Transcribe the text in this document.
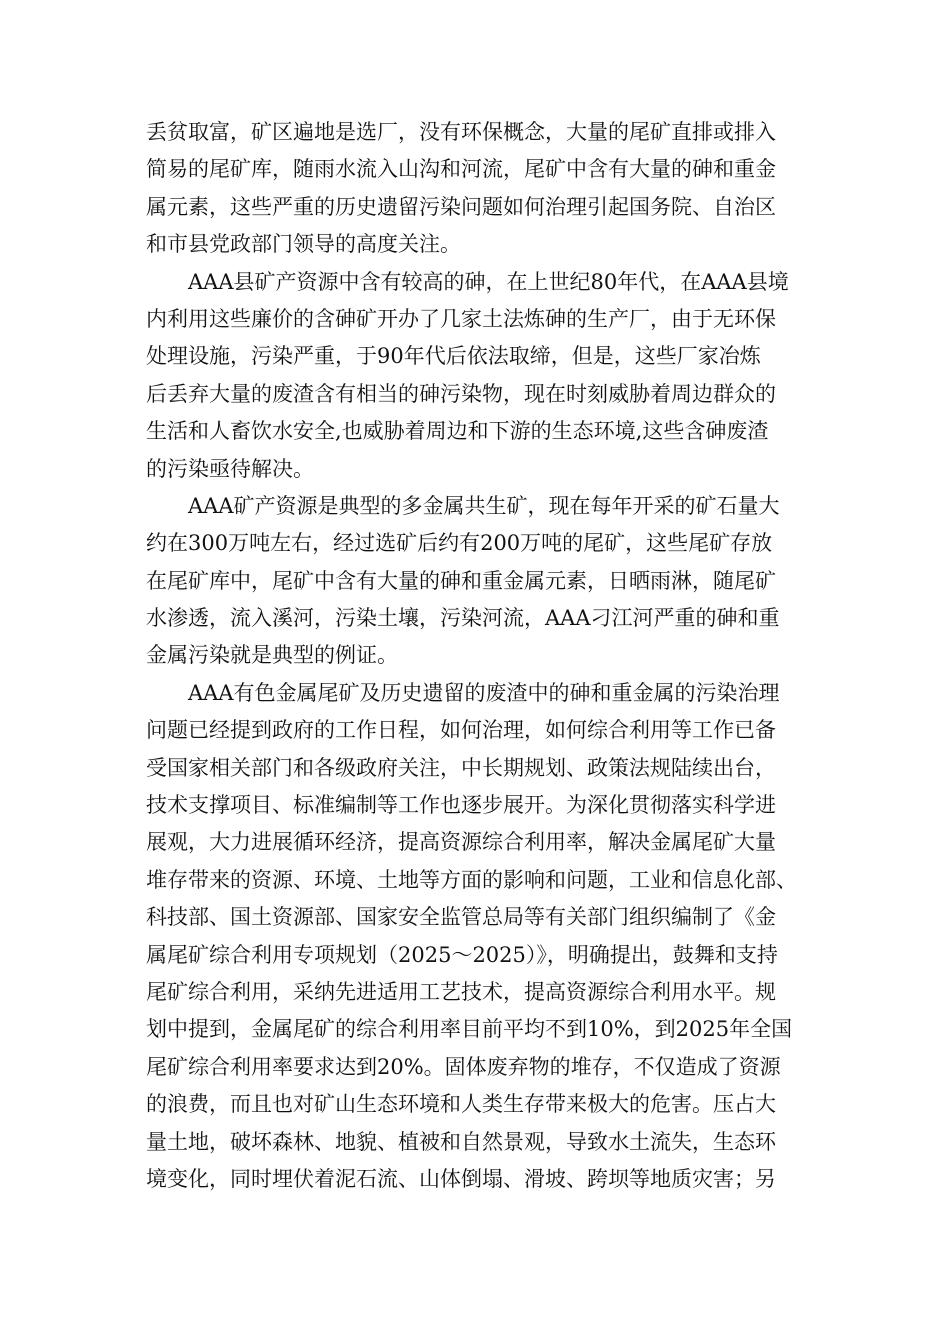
丢贫取富，矿区遍地是选厂，没有环保概念，大量的尾矿直排或排入
简易的尾矿库，随雨水流入山沟和河流，尾矿中含有大量的砷和重金
属元素，这些严重的历史遗留污染问题如何治理引起国务院、自治区
和市县党政部门领导的高度关注。
AAA县矿产资源中含有较高的砷，在上世纪80年代，在AAA县境
内利用这些廉价的含砷矿开办了几家土法炼砷的生产厂，由于无环保
处理设施，污染严重，于90年代后依法取缔，但是，这些厂家冶炼
后丢弃大量的废渣含有相当的砷污染物，现在时刻威胁着周边群众的
生活和人畜饮水安全,也威胁着周边和下游的生态环境,这些含砷废渣
的污染亟待解决。
AAA矿产资源是典型的多金属共生矿，现在每年开采的矿石量大
约在300万吨左右，经过选矿后约有200万吨的尾矿，这些尾矿存放
在尾矿库中，尾矿中含有大量的砷和重金属元素，日晒雨淋，随尾矿
水渗透，流入溪河，污染土壤，污染河流，AAA刁江河严重的砷和重
金属污染就是典型的例证。
AAA有色金属尾矿及历史遗留的废渣中的砷和重金属的污染治理
问题已经提到政府的工作日程，如何治理，如何综合利用等工作已备
受国家相关部门和各级政府关注，中长期规划、政策法规陆续出台，
技术支撑项目、标准编制等工作也逐步展开。为深化贯彻落实科学进
展观，大力进展循环经济，提高资源综合利用率，解决金属尾矿大量
堆存带来的资源、环境、土地等方面的影响和问题，工业和信息化部、
科技部、国土资源部、国家安全监管总局等有关部门组织编制了《金
属尾矿综合利用专项规划（2025～2025）》，明确提出，鼓舞和支持
尾矿综合利用，采纳先进适用工艺技术，提高资源综合利用水平。规
划中提到，金属尾矿的综合利用率目前平均不到10%，到2025年全国
尾矿综合利用率要求达到20%。固体废弃物的堆存，不仅造成了资源
的浪费，而且也对矿山生态环境和人类生存带来极大的危害。压占大
量土地，破坏森林、地貌、植被和自然景观，导致水土流失，生态环
境变化，同时埋伏着泥石流、山体倒塌、滑坡、跨坝等地质灾害；另
